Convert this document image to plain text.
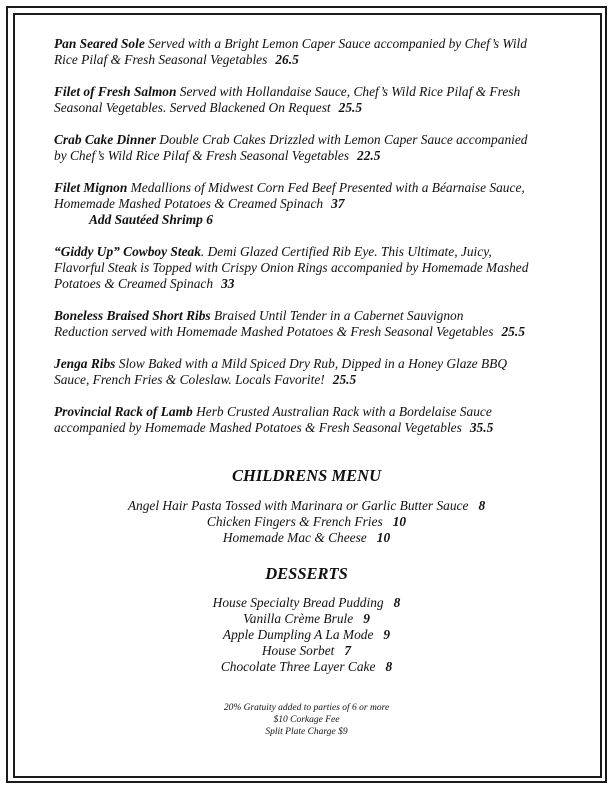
Pan Seared Sole Served with a Bright Lemon Caper Sauce accompanied by Chef’s Wild
Rice Pilaf & Fresh Seasonal Vegetables 26.5
Filet of Fresh Salmon Served with Hollandaise Sauce, Chef’s Wild Rice Pilaf & Fresh
Seasonal Vegetables. Served Blackened On Request 25.5
Crab Cake Dinner Double Crab Cakes Drizzled with Lemon Caper Sauce accompanied
by Chef’s Wild Rice Pilaf & Fresh Seasonal Vegetables 22.5
Filet Mignon Medallions of Midwest Corn Fed Beef Presented with a Béarnaise Sauce,
Homemade Mashed Potatoes & Creamed Spinach 37
Add Sautéed Shrimp 6
“Giddy Up” Cowboy Steak. Demi Glazed Certified Rib Eye. This Ultimate, Juicy,
Flavorful Steak is Topped with Crispy Onion Rings accompanied by Homemade Mashed
Potatoes & Creamed Spinach 33
Boneless Braised Short Ribs Braised Until Tender in a Cabernet Sauvignon
Reduction served with Homemade Mashed Potatoes & Fresh Seasonal Vegetables 25.5
Jenga Ribs Slow Baked with a Mild Spiced Dry Rub, Dipped in a Honey Glaze BBQ
Sauce, French Fries & Coleslaw. Locals Favorite! 25.5
Provincial Rack of Lamb Herb Crusted Australian Rack with a Bordelaise Sauce
accompanied by Homemade Mashed Potatoes & Fresh Seasonal Vegetables 35.5
CHILDRENS MENU
Angel Hair Pasta Tossed with Marinara or Garlic Butter Sauce 8
Chicken Fingers & French Fries 10
Homemade Mac & Cheese 10
DESSERTS
House Specialty Bread Pudding 8
Vanilla Crème Brule 9
Apple Dumpling A La Mode 9
House Sorbet 7
Chocolate Three Layer Cake 8
20% Gratuity added to parties of 6 or more
$10 Corkage Fee
Split Plate Charge $9
